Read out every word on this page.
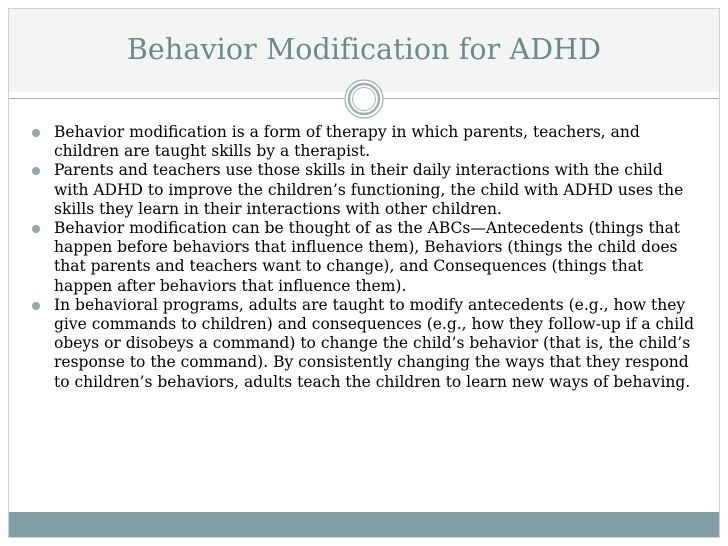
Behavior Modification for ADHD
Behavior modification is a form of therapy in which parents, teachers, and children are taught skills by a therapist.
Parents and teachers use those skills in their daily interactions with the child with ADHD to improve the children’s functioning, the child with ADHD uses the skills they learn in their interactions with other children.
Behavior modification can be thought of as the ABCs—Antecedents (things that happen before behaviors that influence them), Behaviors (things the child does that parents and teachers want to change), and Consequences (things that happen after behaviors that influence them).
In behavioral programs, adults are taught to modify antecedents (e.g., how they give commands to children) and consequences (e.g., how they follow-up if a child obeys or disobeys a command) to change the child’s behavior (that is, the child’s response to the command). By consistently changing the ways that they respond to children’s behaviors, adults teach the children to learn new ways of behaving.
